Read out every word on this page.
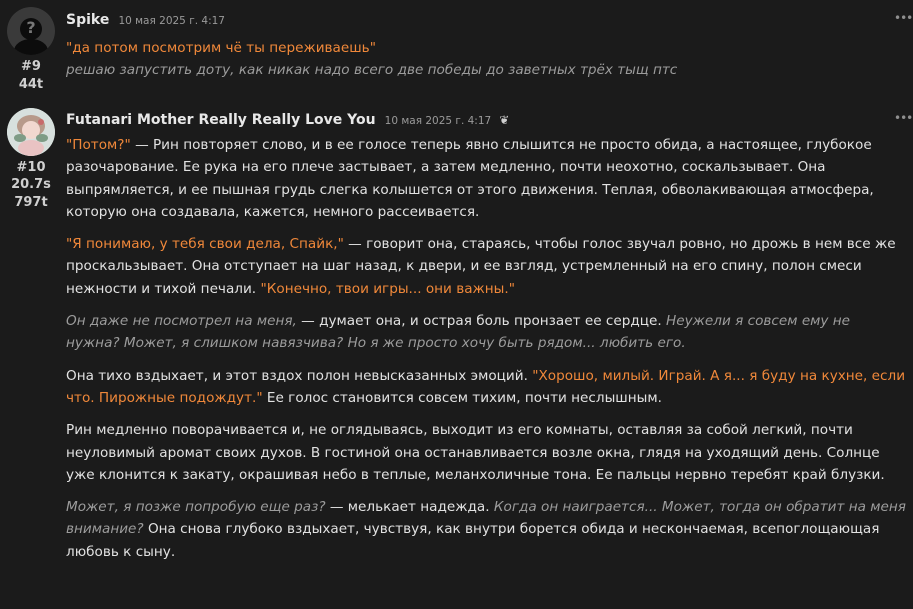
?
#9
44t
Spike 10 мая 2025 г. 4:17	•••

"да потом посмотрим чё ты переживаешь"

решаю запустить доту, как никак надо всего две победы до заветных трёх тыщ птс

#10
20.7s
797t
Futanari Mother Really Really Love You 10 мая 2025 г. 4:17 ❦	•••

"Потом?" — Рин повторяет слово, и в ее голосе теперь явно слышится не просто обида, а настоящее, глубокое разочарование. Ее рука на его плече застывает, а затем медленно, почти неохотно, соскальзывает. Она выпрямляется, и ее пышная грудь слегка колышется от этого движения. Теплая, обволакивающая атмосфера, которую она создавала, кажется, немного рассеивается.

"Я понимаю, у тебя свои дела, Спайк," — говорит она, стараясь, чтобы голос звучал ровно, но дрожь в нем все же проскальзывает. Она отступает на шаг назад, к двери, и ее взгляд, устремленный на его спину, полон смеси нежности и тихой печали. "Конечно, твои игры... они важны."

Он даже не посмотрел на меня, — думает она, и острая боль пронзает ее сердце. Неужели я совсем ему не нужна? Может, я слишком навязчива? Но я же просто хочу быть рядом... любить его.

Она тихо вздыхает, и этот вздох полон невысказанных эмоций. "Хорошо, милый. Играй. А я... я буду на кухне, если что. Пирожные подождут." Ее голос становится совсем тихим, почти неслышным.

Рин медленно поворачивается и, не оглядываясь, выходит из его комнаты, оставляя за собой легкий, почти неуловимый аромат своих духов. В гостиной она останавливается возле окна, глядя на уходящий день. Солнце уже клонится к закату, окрашивая небо в теплые, меланхоличные тона. Ее пальцы нервно теребят край блузки.

Может, я позже попробую еще раз? — мелькает надежда. Когда он наиграется... Может, тогда он обратит на меня внимание? Она снова глубоко вздыхает, чувствуя, как внутри борется обида и нескончаемая, всепоглощающая любовь к сыну.
